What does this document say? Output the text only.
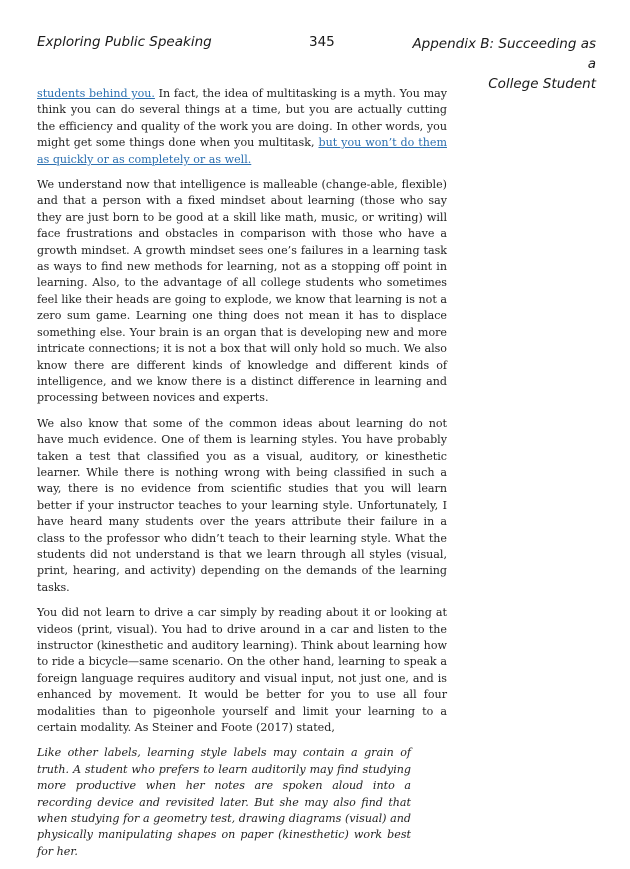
Exploring Public Speaking	345	Appendix B: Succeeding as a
College Student

students behind you. In fact, the idea of multitasking is a myth. You may think you can do several things at a time, but you are actually cutting the efficiency and quality of the work you are doing. In other words, you might get some things done when you multitask, but you won’t do them as quickly or as completely or as well.

We understand now that intelligence is malleable (change-able, flexible) and that a person with a fixed mindset about learning (those who say they are just born to be good at a skill like math, music, or writing) will face frustrations and obstacles in comparison with those who have a growth mindset. A growth mindset sees one’s failures in a learning task as ways to find new methods for learning, not as a stopping off point in learning. Also, to the advantage of all college students who sometimes feel like their heads are going to explode, we know that learning is not a zero sum game. Learning one thing does not mean it has to displace something else. Your brain is an organ that is developing new and more intricate connections; it is not a box that will only hold so much. We also know there are different kinds of knowledge and different kinds of intelligence, and we know there is a distinct difference in learning and processing between novices and experts.

We also know that some of the common ideas about learning do not have much evidence. One of them is learning styles. You have probably taken a test that classified you as a visual, auditory, or kinesthetic learner. While there is nothing wrong with being classified in such a way, there is no evidence from scientific studies that you will learn better if your instructor teaches to your learning style. Unfortunately, I have heard many students over the years attribute their failure in a class to the professor who didn’t teach to their learning style. What the students did not understand is that we learn through all styles (visual, print, hearing, and activity) depending on the demands of the learning tasks.

You did not learn to drive a car simply by reading about it or looking at videos (print, visual). You had to drive around in a car and listen to the instructor (kinesthetic and auditory learning). Think about learning how to ride a bicycle—same scenario. On the other hand, learning to speak a foreign language requires auditory and visual input, not just one, and is enhanced by movement. It would be better for you to use all four modalities than to pigeonhole yourself and limit your learning to a certain modality. As Steiner and Foote (2017) stated,

Like other labels, learning style labels may contain a grain of truth. A student who prefers to learn auditorily may find studying more productive when her notes are spoken aloud into a recording device and revisited later. But she may also find that when studying for a geometry test, drawing diagrams (visual) and physically manipulating shapes on paper (kinesthetic) work best for her.
